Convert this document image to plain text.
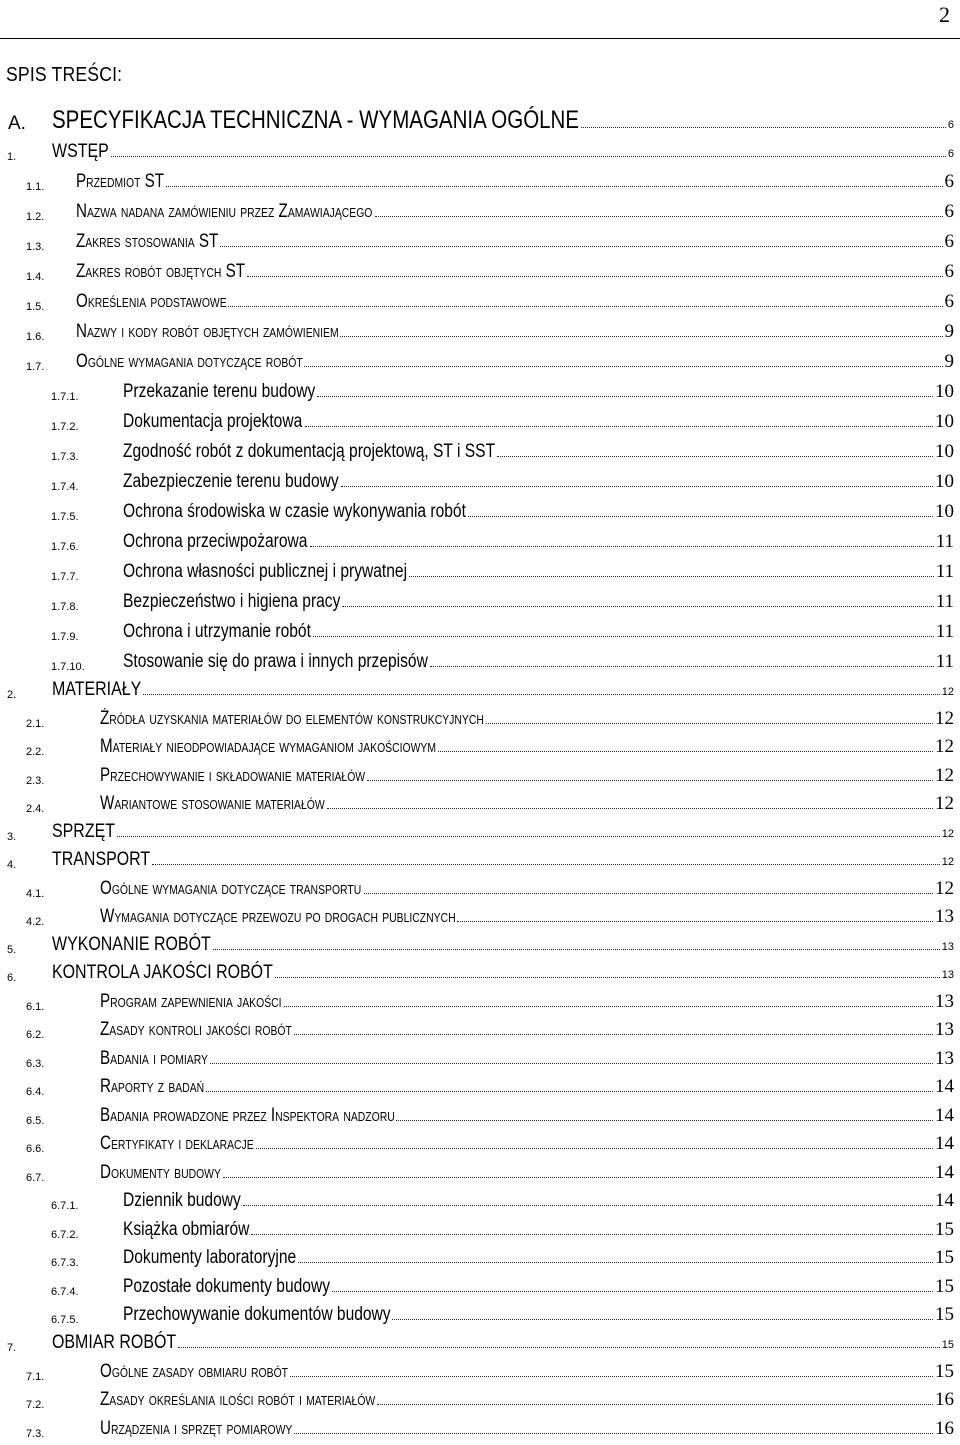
2
SPIS TREŚCI:
A. SPECYFIKACJA TECHNICZNA - WYMAGANIA OGÓLNE	6
1. WSTĘP	6
1.1. Przedmiot ST	6
1.2. Nazwa nadana zamówieniu przez Zamawiającego	6
1.3. Zakres stosowania ST	6
1.4. Zakres robót objętych ST	6
1.5. Określenia podstawowe	6
1.6. Nazwy i kody robót objętych zamówieniem	9
1.7. Ogólne wymagania dotyczące robót	9
1.7.1. Przekazanie terenu budowy	10
1.7.2. Dokumentacja projektowa	10
1.7.3. Zgodność robót z dokumentacją projektową, ST i SST	10
1.7.4. Zabezpieczenie terenu budowy	10
1.7.5. Ochrona środowiska w czasie wykonywania robót	10
1.7.6. Ochrona przeciwpożarowa	11
1.7.7. Ochrona własności publicznej i prywatnej	11
1.7.8. Bezpieczeństwo i higiena pracy	11
1.7.9. Ochrona i utrzymanie robót	11
1.7.10. Stosowanie się do prawa i innych przepisów	11
2. MATERIAŁY	12
2.1.	Źródła uzyskania materiałów do elementów konstrukcyjnych	12
2.2.	Materiały nieodpowiadające wymaganiom jakościowym	12
2.3.	Przechowywanie i składowanie materiałów	12
2.4.	Wariantowe stosowanie materiałów	12
3. SPRZĘT	12
4. TRANSPORT	12
4.1.	Ogólne wymagania dotyczące transportu	12
4.2.	Wymagania dotyczące przewozu po drogach publicznych	13
5. WYKONANIE ROBÓT	13
6. KONTROLA JAKOŚCI ROBÓT	13
6.1.	Program zapewnienia jakości	13
6.2.	Zasady kontroli jakości robót	13
6.3.	Badania i pomiary	13
6.4.	Raporty z badań	14
6.5.	Badania prowadzone przez Inspektora nadzoru	14
6.6.	Certyfikaty i deklaracje	14
6.7.	Dokumenty budowy	14
6.7.1. Dziennik budowy	14
6.7.2. Książka obmiarów	15
6.7.3. Dokumenty laboratoryjne	15
6.7.4. Pozostałe dokumenty budowy	15
6.7.5. Przechowywanie dokumentów budowy	15
7. OBMIAR ROBÓT	15
7.1.	Ogólne zasady obmiaru robót	15
7.2.	Zasady określania ilości robót i materiałów	16
7.3.	Urządzenia i sprzęt pomiarowy	16
